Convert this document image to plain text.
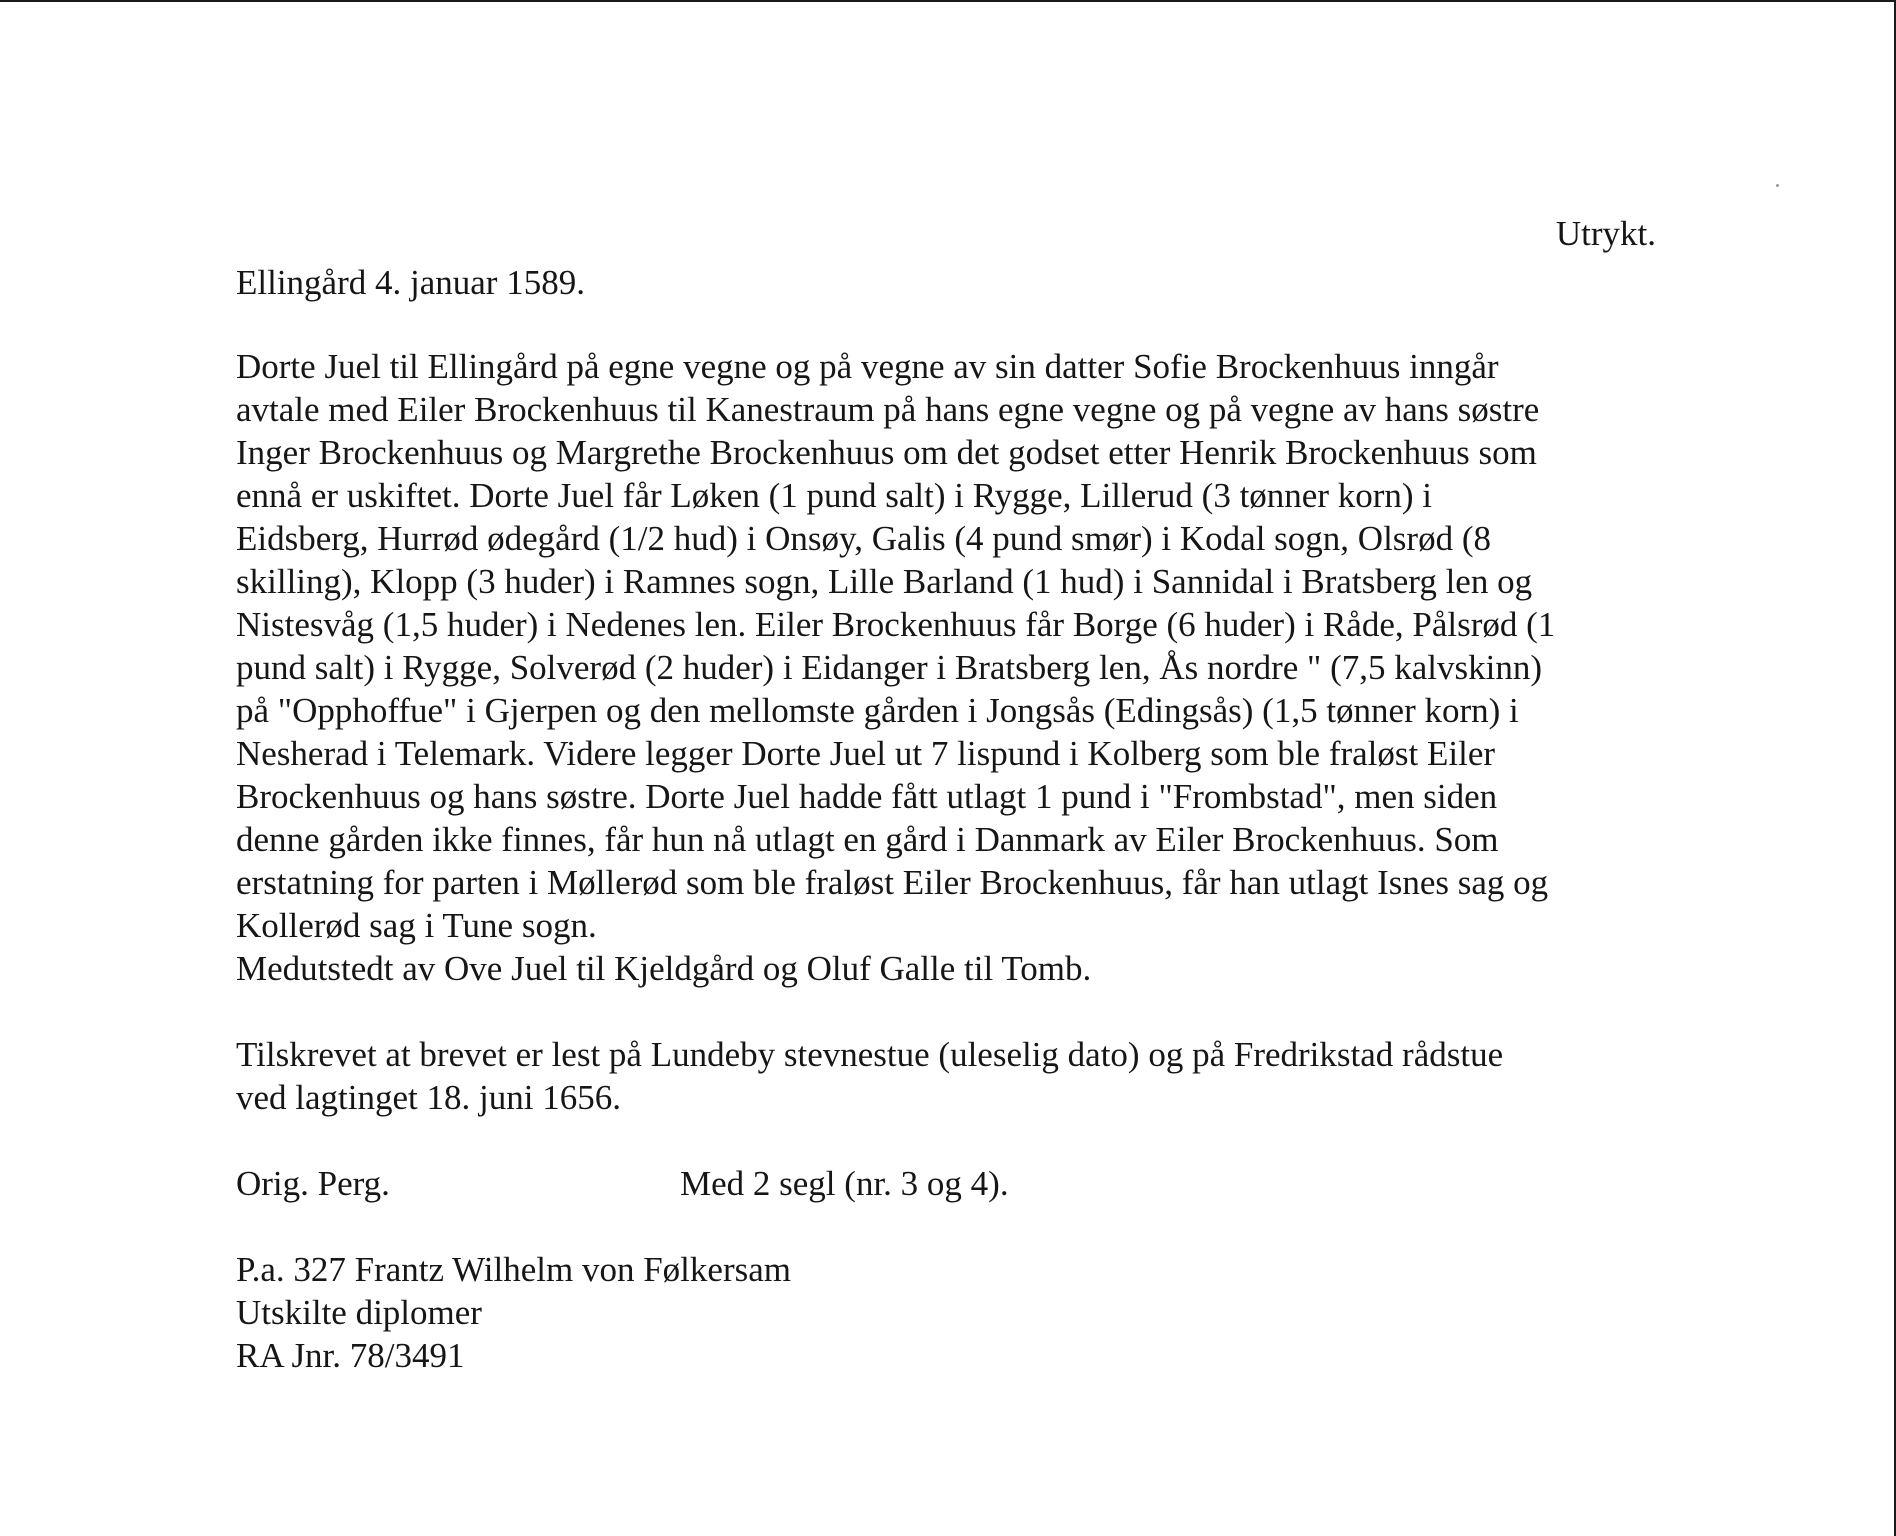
Utrykt.
Ellingård 4. januar 1589.
Dorte Juel til Ellingård på egne vegne og på vegne av sin datter Sofie Brockenhuus inngår
avtale med Eiler Brockenhuus til Kanestraum på hans egne vegne og på vegne av hans søstre
Inger Brockenhuus og Margrethe Brockenhuus om det godset etter Henrik Brockenhuus som
ennå er uskiftet. Dorte Juel får Løken (1 pund salt) i Rygge, Lillerud (3 tønner korn) i
Eidsberg, Hurrød ødegård (1/2 hud) i Onsøy, Galis (4 pund smør) i Kodal sogn, Olsrød (8
skilling), Klopp (3 huder) i Ramnes sogn, Lille Barland (1 hud) i Sannidal i Bratsberg len og
Nistesvåg (1,5 huder) i Nedenes len. Eiler Brockenhuus får Borge (6 huder) i Råde, Pålsrød (1
pund salt) i Rygge, Solverød (2 huder) i Eidanger i Bratsberg len, Ås nordre " (7,5 kalvskinn)
på "Opphoffue" i Gjerpen og den mellomste gården i Jongsås (Edingsås) (1,5 tønner korn) i
Nesherad i Telemark. Videre legger Dorte Juel ut 7 lispund i Kolberg som ble fraløst Eiler
Brockenhuus og hans søstre. Dorte Juel hadde fått utlagt 1 pund i "Frombstad", men siden
denne gården ikke finnes, får hun nå utlagt en gård i Danmark av Eiler Brockenhuus. Som
erstatning for parten i Møllerød som ble fraløst Eiler Brockenhuus, får han utlagt Isnes sag og
Kollerød sag i Tune sogn.
Medutstedt av Ove Juel til Kjeldgård og Oluf Galle til Tomb.
Tilskrevet at brevet er lest på Lundeby stevnestue (uleselig dato) og på Fredrikstad rådstue
ved lagtinget 18. juni 1656.
Orig. Perg.	Med 2 segl (nr. 3 og 4).
P.a. 327 Frantz Wilhelm von Følkersam
Utskilte diplomer
RA Jnr. 78/3491
